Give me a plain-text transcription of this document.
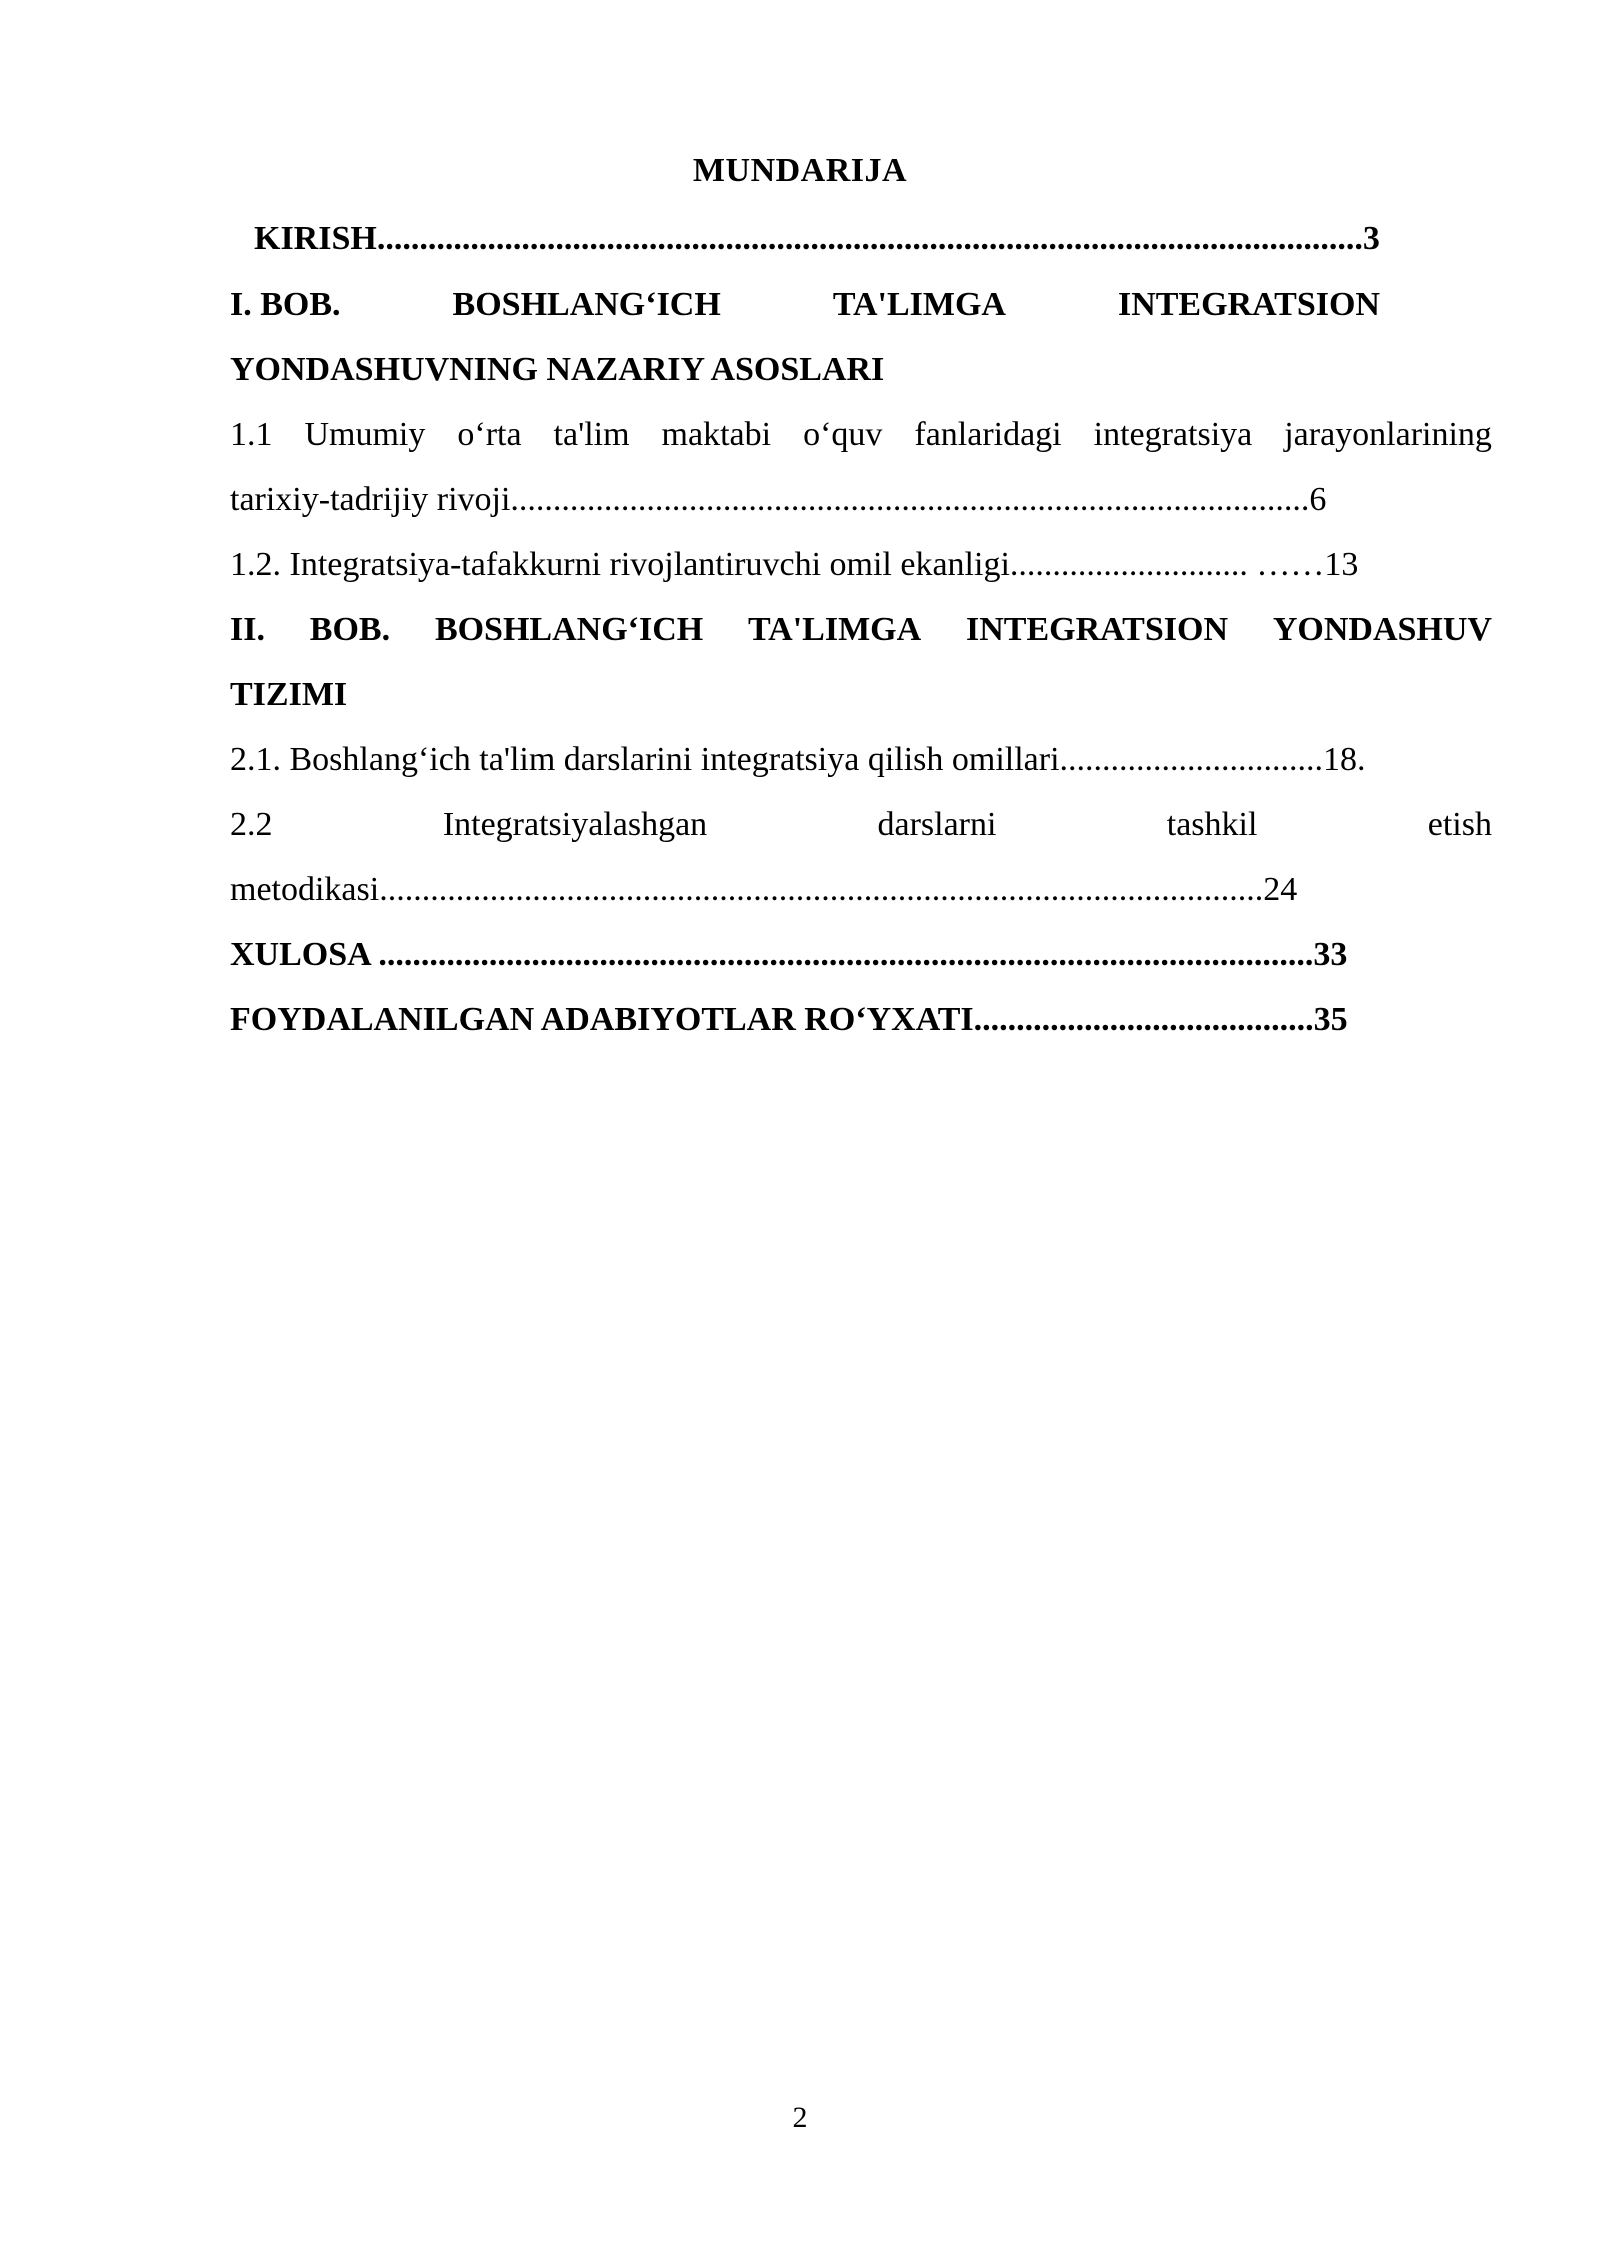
MUNDARIJA
KIRISH....................................................................................................................3
I. BOB.	BOSHLANG‘ICH	TA'LIMGA	INTEGRATSION
YONDASHUVNING NAZARIY ASOSLARI
1.1 Umumiy o‘rta ta'lim maktabi o‘quv fanlaridagi integratsiya jarayonlarining
tarixiy-tadrijiy rivoji..............................................................................................6
1.2. Integratsiya-tafakkurni rivojlantiruvchi omil ekanligi............................ ……13
II. BOB. BOSHLANG‘ICH TA'LIMGA INTEGRATSION YONDASHUV
TIZIMI
2.1. Boshlang‘ich ta'lim darslarini integratsiya qilish omillari...............................18.
2.2	Integratsiyalashgan	darslarni	tashkil	etish
metodikasi........................................................................................................24
XULOSA ..............................................................................................................33
FOYDALANILGAN ADABIYOTLAR RO‘YXATI........................................35
2
